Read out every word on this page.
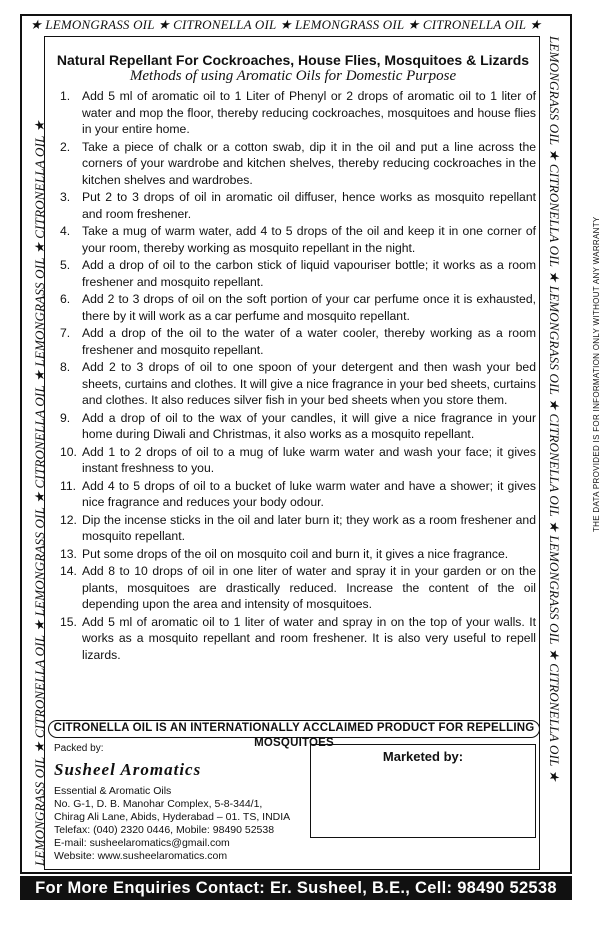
★ LEMONGRASS OIL ★ CITRONELLA OIL ★ LEMONGRASS OIL ★ CITRONELLA OIL ★
LEMONGRASS OIL ★ CITRONELLA OIL ★ LEMONGRASS OIL ★ CITRONELLA OIL ★ LEMONGRASS OIL ★ CITRONELLA OIL ★	LEMONGRASS OIL ★ CITRONELLA OIL ★ LEMONGRASS OIL ★ CITRONELLA OIL ★ LEMONGRASS OIL ★ CITRONELLA OIL ★	THE DATA PROVIDED IS FOR INFORMATION ONLY WITHOUT ANY WARRANTY
Natural Repellant For Cockroaches, House Flies, Mosquitoes & Lizards
Methods of using Aromatic Oils for Domestic Purpose
1. Add 5 ml of aromatic oil to 1 Liter of Phenyl or 2 drops of aromatic oil to 1 liter of water and mop the floor, thereby reducing cockroaches, mosquitoes and house flies in your entire home.
2. Take a piece of chalk or a cotton swab, dip it in the oil and put a line across the corners of your wardrobe and kitchen shelves, thereby reducing cockroaches in the kitchen shelves and wardrobes.
3. Put 2 to 3 drops of oil in aromatic oil diffuser, hence works as mosquito repellant and room freshener.
4. Take a mug of warm water, add 4 to 5 drops of the oil and keep it in one corner of your room, thereby working as mosquito repellant in the night.
5. Add a drop of oil to the carbon stick of liquid vapouriser bottle; it works as a room freshener and mosquito repellant.
6. Add 2 to 3 drops of oil on the soft portion of your car perfume once it is exhausted, there by it will work as a car perfume and mosquito repellant.
7. Add a drop of the oil to the water of a water cooler, thereby working as a room freshener and mosquito repellant.
8. Add 2 to 3 drops of oil to one spoon of your detergent and then wash your bed sheets, curtains and clothes. It will give a nice fragrance in your bed sheets, curtains and clothes. It also reduces silver fish in your bed sheets when you store them.
9. Add a drop of oil to the wax of your candles, it will give a nice fragrance in your home during Diwali and Christmas, it also works as a mosquito repellant.
10. Add 1 to 2 drops of oil to a mug of luke warm water and wash your face; it gives instant freshness to you.
11. Add 4 to 5 drops of oil to a bucket of luke warm water and have a shower; it gives nice fragrance and reduces your body odour.
12. Dip the incense sticks in the oil and later burn it; they work as a room freshener and mosquito repellant.
13. Put some drops of the oil on mosquito coil and burn it, it gives a nice fragrance.
14. Add 8 to 10 drops of oil in one liter of water and spray it in your garden or on the plants, mosquitoes are drastically reduced. Increase the content of the oil depending upon the area and intensity of mosquitoes.
15. Add 5 ml of aromatic oil to 1 liter of water and spray in on the top of your walls. It works as a mosquito repellant and room freshener. It is also very useful to repell lizards.
CITRONELLA OIL IS AN INTERNATIONALLY ACCLAIMED PRODUCT FOR REPELLING MOSQUITOES
Packed by:
Susheel Aromatics
Essential & Aromatic Oils
No. G-1, D. B. Manohar Complex, 5-8-344/1,
Chirag Ali Lane, Abids, Hyderabad – 01. TS, INDIA
Telefax: (040) 2320 0446, Mobile: 98490 52538
E-mail: susheelaromatics@gmail.com
Website: www.susheelaromatics.com
Marketed by:
For More Enquiries Contact: Er. Susheel, B.E., Cell: 98490 52538
